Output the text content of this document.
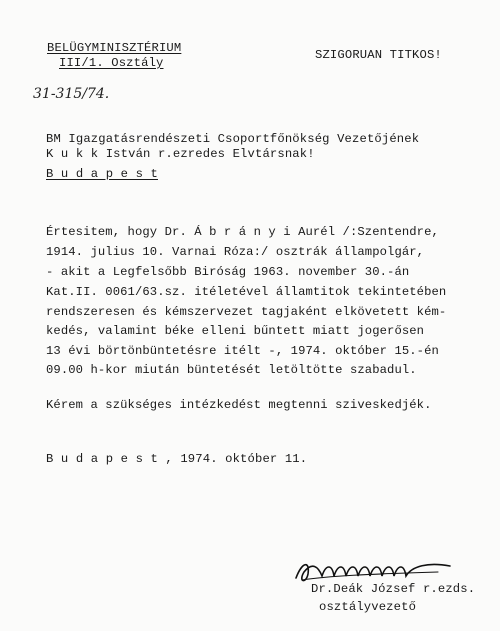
BELÜGYMINISZTÉRIUM
III/1. Osztály
SZIGORUAN TITKOS!
31-315/74.
BM Igazgatásrendészeti Csoportfőnökség Vezetőjének
K u k k István r.ezredes Elvtársnak!
B u d a p e s t
Értesitem, hogy Dr. Á b r á n y i Aurél /:Szentendre,
1914. julius 10. Varnai Róza:/ osztrák állampolgár,
- akit a Legfelsőbb Biróság 1963. november 30.-án
Kat.II. 0061/63.sz. itéletével államtitok tekintetében
rendszeresen és kémszervezet tagjaként elkövetett kém-
kedés, valamint béke elleni bűntett miatt jogerősen
13 évi börtönbüntetésre itélt -, 1974. október 15.-én
09.00 h-kor miután büntetését letöltötte szabadul.
Kérem a szükséges intézkedést megtenni sziveskedjék.
B u d a p e s t , 1974. október 11.
Dr.Deák József r.ezds.
osztályvezető
